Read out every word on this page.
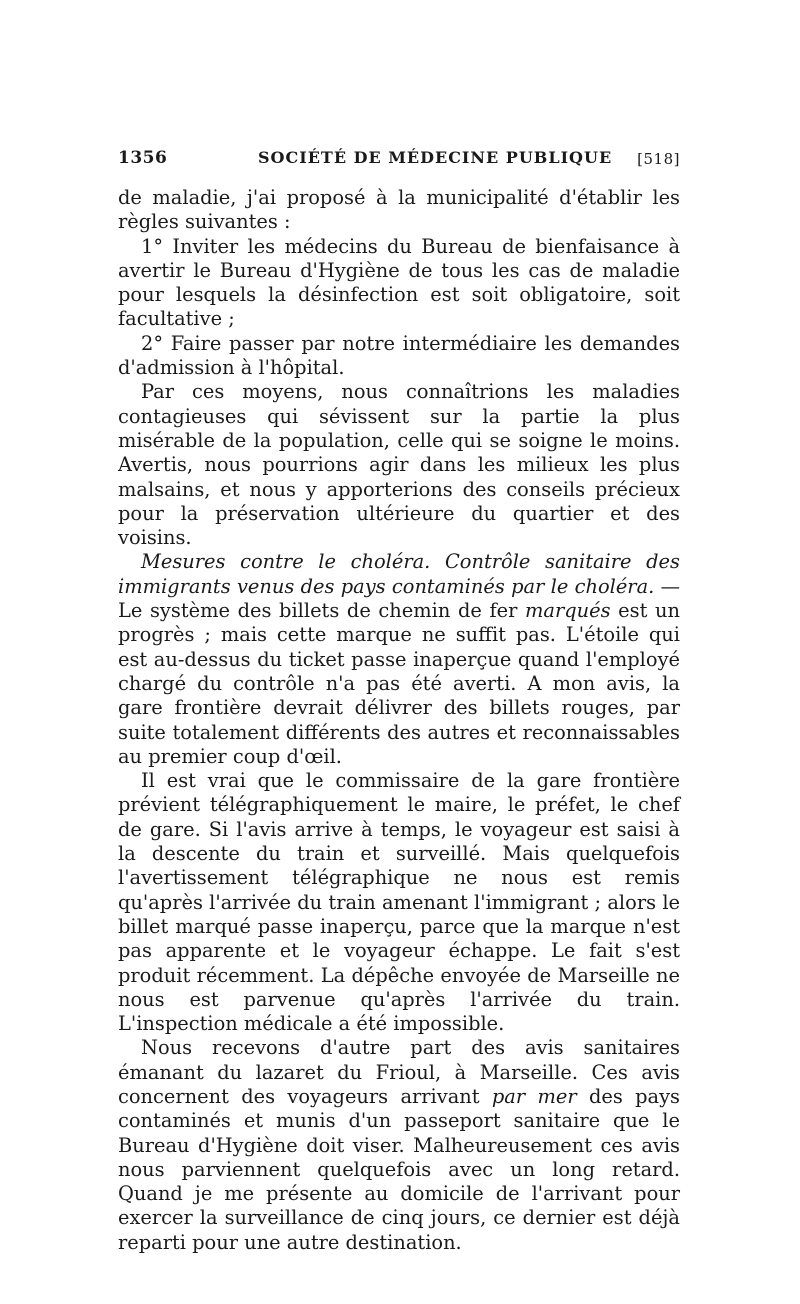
1356	SOCIÉTÉ DE MÉDECINE PUBLIQUE [518]

de maladie, j'ai proposé à la municipalité d'établir les règles suivantes :

1° Inviter les médecins du Bureau de bienfaisance à avertir le Bureau d'Hygiène de tous les cas de maladie pour lesquels la désinfection est soit obligatoire, soit facultative ;

2° Faire passer par notre intermédiaire les demandes d'admission à l'hôpital.

Par ces moyens, nous connaîtrions les maladies contagieuses qui sévissent sur la partie la plus misérable de la population, celle qui se soigne le moins. Avertis, nous pourrions agir dans les milieux les plus malsains, et nous y apporterions des conseils précieux pour la préservation ultérieure du quartier et des voisins.

Mesures contre le choléra. Contrôle sanitaire des immigrants venus des pays contaminés par le choléra. — Le système des billets de chemin de fer marqués est un progrès ; mais cette marque ne suffit pas. L'étoile qui est au-dessus du ticket passe inaperçue quand l'employé chargé du contrôle n'a pas été averti. A mon avis, la gare frontière devrait délivrer des billets rouges, par suite totalement différents des autres et reconnaissables au premier coup d'œil.

Il est vrai que le commissaire de la gare frontière prévient télégraphiquement le maire, le préfet, le chef de gare. Si l'avis arrive à temps, le voyageur est saisi à la descente du train et surveillé. Mais quelquefois l'avertissement télégraphique ne nous est remis qu'après l'arrivée du train amenant l'immigrant ; alors le billet marqué passe inaperçu, parce que la marque n'est pas apparente et le voyageur échappe. Le fait s'est produit récemment. La dépêche envoyée de Marseille ne nous est parvenue qu'après l'arrivée du train. L'inspection médicale a été impossible.

Nous recevons d'autre part des avis sanitaires émanant du lazaret du Frioul, à Marseille. Ces avis concernent des voyageurs arrivant par mer des pays contaminés et munis d'un passeport sanitaire que le Bureau d'Hygiène doit viser. Malheureusement ces avis nous parviennent quelquefois avec un long retard. Quand je me présente au domicile de l'arrivant pour exercer la surveillance de cinq jours, ce dernier est déjà reparti pour une autre destination.
